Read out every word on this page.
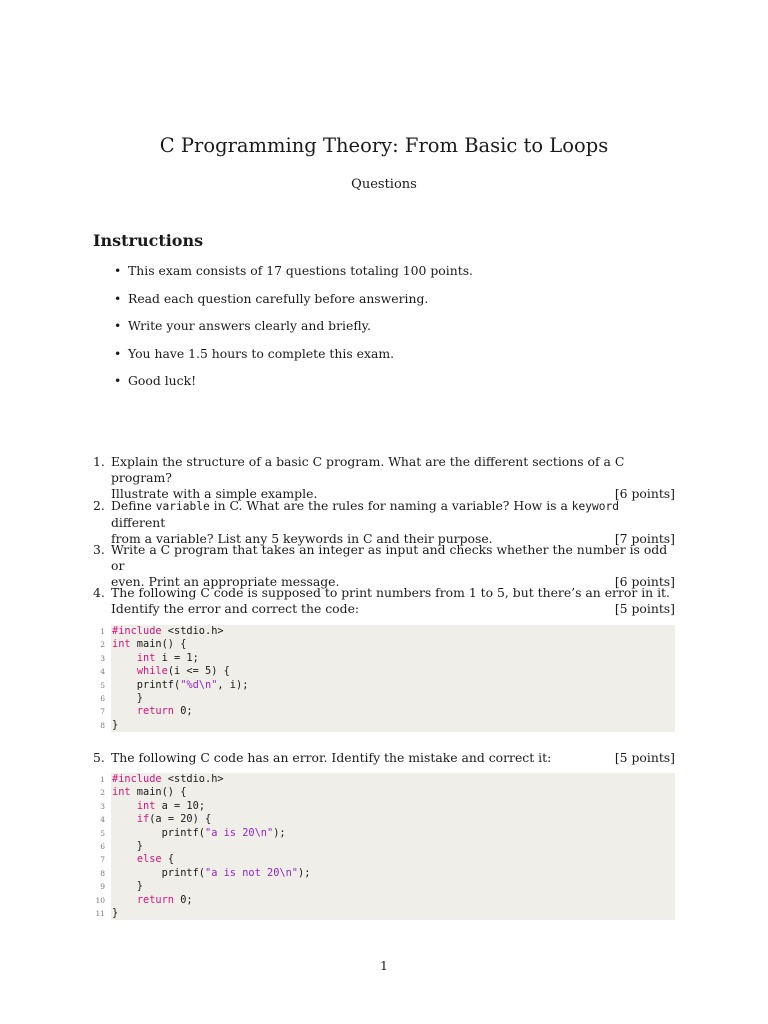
C Programming Theory: From Basic to Loops
Questions
Instructions
• This exam consists of 17 questions totaling 100 points.
• Read each question carefully before answering.
• Write your answers clearly and briefly.
• You have 1.5 hours to complete this exam.
• Good luck!
1. Explain the structure of a basic C program. What are the different sections of a C program?
Illustrate with a simple example.	[6 points]
2. Define variable in C. What are the rules for naming a variable? How is a keyword different
from a variable? List any 5 keywords in C and their purpose.	[7 points]
3. Write a C program that takes an integer as input and checks whether the number is odd or
even. Print an appropriate message.	[6 points]
4. The following C code is supposed to print numbers from 1 to 5, but there’s an error in it.
Identify the error and correct the code:	[5 points]
1 #include <stdio.h>
2 int main() {
3	int i = 1;
4	while(i <= 5) {
5 printf("%d\n", i);
6 }
7	return 0;
8 }
5. The following C code has an error. Identify the mistake and correct it:	[5 points]
1 #include <stdio.h>
2 int main() {
3	int a = 10;
4	if(a = 20) {
5 printf("a is 20\n");
6 }
7	else {
8 printf("a is not 20\n");
9 }
10	return 0;
11 }
1
